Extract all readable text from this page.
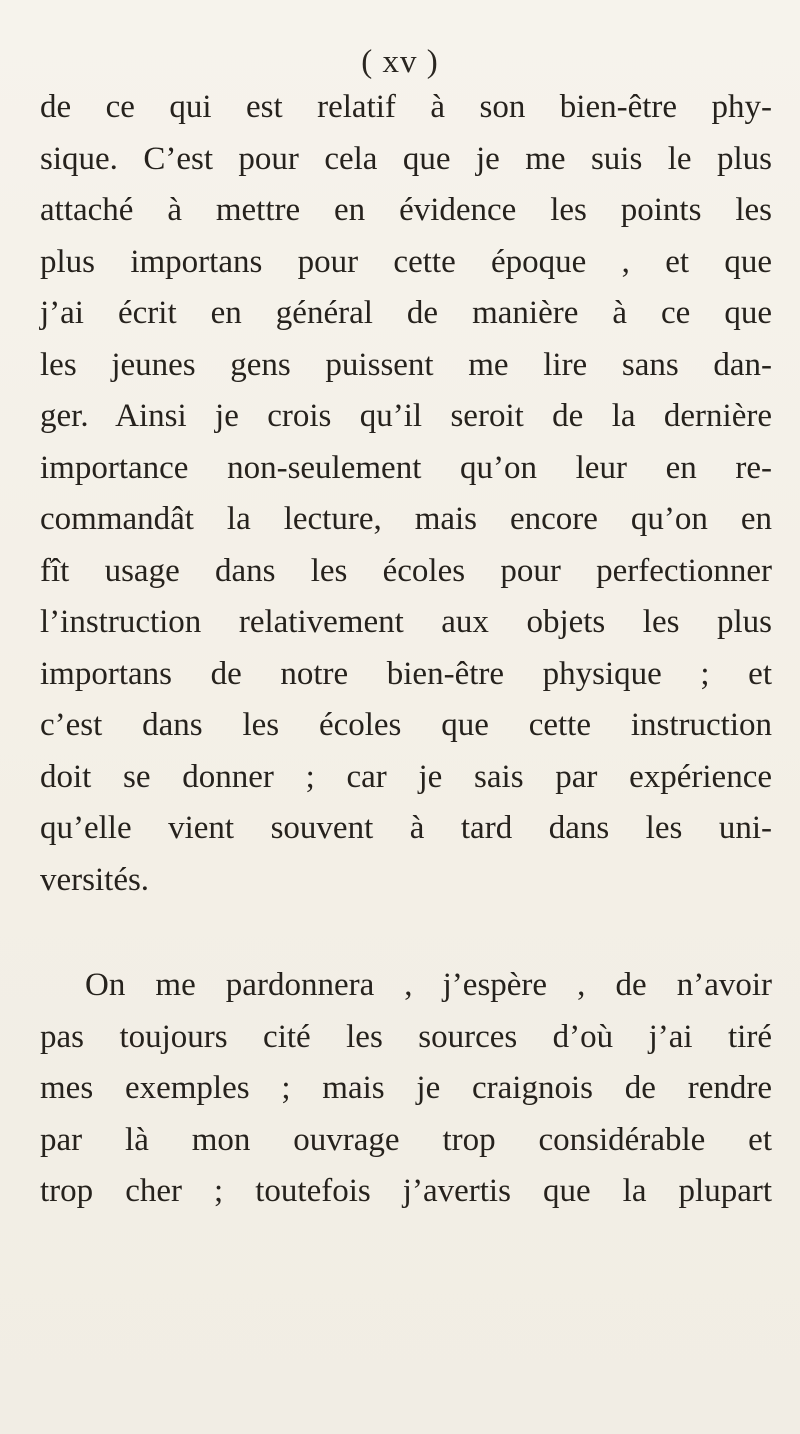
( xv )
de ce qui est relatif à son bien-être phy-
sique. C’est pour cela que je me suis le plus
attaché à mettre en évidence les points les
plus importans pour cette époque , et que
j’ai écrit en général de manière à ce que
les jeunes gens puissent me lire sans dan-
ger. Ainsi je crois qu’il seroit de la dernière
importance non-seulement qu’on leur en re-
commandât la lecture, mais encore qu’on en
fît usage dans les écoles pour perfectionner
l’instruction relativement aux objets les plus
importans de notre bien-être physique ; et
c’est dans les écoles que cette instruction
doit se donner ; car je sais par expérience
qu’elle vient souvent à tard dans les uni-
versités.
On me pardonnera , j’espère , de n’avoir
pas toujours cité les sources d’où j’ai tiré
mes exemples ; mais je craignois de rendre
par là mon ouvrage trop considérable et
trop cher ; toutefois j’avertis que la plupart
